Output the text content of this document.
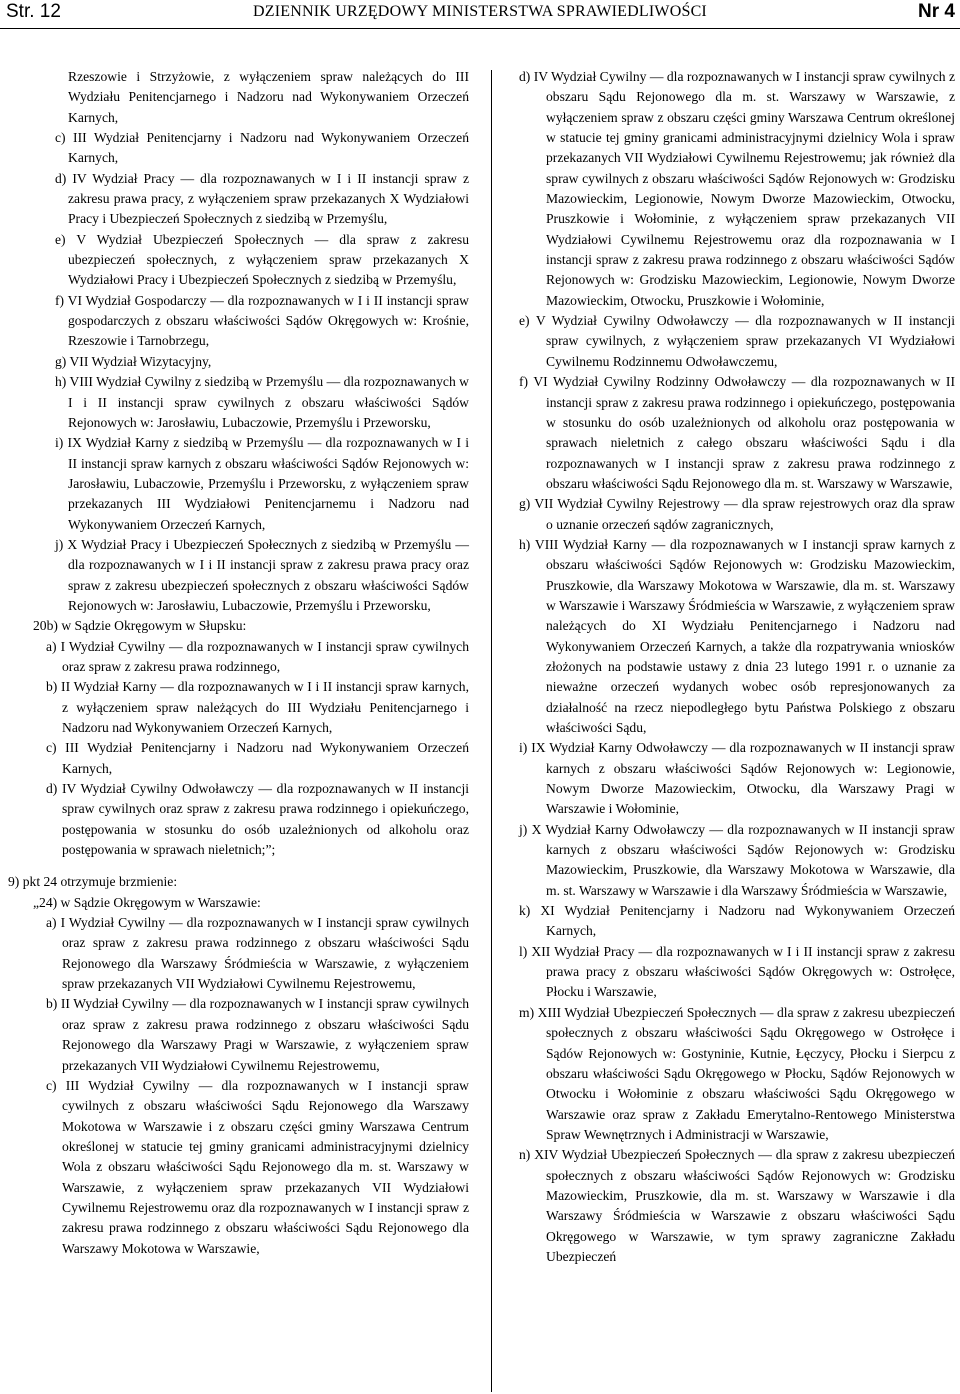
Str. 12	DZIENNIK URZĘDOWY MINISTERSTWA SPRAWIEDLIWOŚCI	Nr 4

Rzeszowie i Strzyżowie, z wyłączeniem spraw należących do III Wydziału Penitencjarnego i Nadzoru nad Wykonywaniem Orzeczeń Karnych,

c) III Wydział Penitencjarny i Nadzoru nad Wykonywaniem Orzeczeń Karnych,

d) IV Wydział Pracy — dla rozpoznawanych w I i II instancji spraw z zakresu prawa pracy, z wyłączeniem spraw przekazanych X Wydziałowi Pracy i Ubezpieczeń Społecznych z siedzibą w Przemyślu,

e) V Wydział Ubezpieczeń Społecznych — dla spraw z zakresu ubezpieczeń społecznych, z wyłączeniem spraw przekazanych X Wydziałowi Pracy i Ubezpieczeń Społecznych z siedzibą w Przemyślu,

f) VI Wydział Gospodarczy — dla rozpoznawanych w I i II instancji spraw gospodarczych z obszaru właściwości Sądów Okręgowych w: Krośnie, Rzeszowie i Tarnobrzegu,

g) VII Wydział Wizytacyjny,

h) VIII Wydział Cywilny z siedzibą w Przemyślu — dla rozpoznawanych w I i II instancji spraw cywilnych z obszaru właściwości Sądów Rejonowych w: Jarosławiu, Lubaczowie, Przemyślu i Przeworsku,

i) IX Wydział Karny z siedzibą w Przemyślu — dla rozpoznawanych w I i II instancji spraw karnych z obszaru właściwości Sądów Rejonowych w: Jarosławiu, Lubaczowie, Przemyślu i Przeworsku, z wyłączeniem spraw przekazanych III Wydziałowi Penitencjarnemu i Nadzoru nad Wykonywaniem Orzeczeń Karnych,

j) X Wydział Pracy i Ubezpieczeń Społecznych z siedzibą w Przemyślu — dla rozpoznawanych w I i II instancji spraw z zakresu prawa pracy oraz spraw z zakresu ubezpieczeń społecznych z obszaru właściwości Sądów Rejonowych w: Jarosławiu, Lubaczowie, Przemyślu i Przeworsku,

20b) w Sądzie Okręgowym w Słupsku:

a) I Wydział Cywilny — dla rozpoznawanych w I instancji spraw cywilnych oraz spraw z zakresu prawa rodzinnego,

b) II Wydział Karny — dla rozpoznawanych w I i II instancji spraw karnych, z wyłączeniem spraw należących do III Wydziału Penitencjarnego i Nadzoru nad Wykonywaniem Orzeczeń Karnych,

c) III Wydział Penitencjarny i Nadzoru nad Wykonywaniem Orzeczeń Karnych,

d) IV Wydział Cywilny Odwoławczy — dla rozpoznawanych w II instancji spraw cywilnych oraz spraw z zakresu prawa rodzinnego i opiekuńczego, postępowania w stosunku do osób uzależnionych od alkoholu oraz postępowania w sprawach nieletnich;”;

9) pkt 24 otrzymuje brzmienie:

„24) w Sądzie Okręgowym w Warszawie:

a) I Wydział Cywilny — dla rozpoznawanych w I instancji spraw cywilnych oraz spraw z zakresu prawa rodzinnego z obszaru właściwości Sądu Rejonowego dla Warszawy Śródmieścia w Warszawie, z wyłączeniem spraw przekazanych VII Wydziałowi Cywilnemu Rejestrowemu,

b) II Wydział Cywilny — dla rozpoznawanych w I instancji spraw cywilnych oraz spraw z zakresu prawa rodzinnego z obszaru właściwości Sądu Rejonowego dla Warszawy Pragi w Warszawie, z wyłączeniem spraw przekazanych VII Wydziałowi Cywilnemu Rejestrowemu,

c) III Wydział Cywilny — dla rozpoznawanych w I instancji spraw cywilnych z obszaru właściwości Sądu Rejonowego dla Warszawy Mokotowa w Warszawie i z obszaru części gminy Warszawa Centrum określonej w statucie tej gminy granicami administracyjnymi dzielnicy Wola z obszaru właściwości Sądu Rejonowego dla m. st. Warszawy w Warszawie, z wyłączeniem spraw przekazanych VII Wydziałowi Cywilnemu Rejestrowemu oraz dla rozpoznawanych w I instancji spraw z zakresu prawa rodzinnego z obszaru właściwości Sądu Rejonowego dla Warszawy Mokotowa w Warszawie,

d) IV Wydział Cywilny — dla rozpoznawanych w I instancji spraw cywilnych z obszaru Sądu Rejonowego dla m. st. Warszawy w Warszawie, z wyłączeniem spraw z obszaru części gminy Warszawa Centrum określonej w statucie tej gminy granicami administracyjnymi dzielnicy Wola i spraw przekazanych VII Wydziałowi Cywilnemu Rejestrowemu; jak również dla spraw cywilnych z obszaru właściwości Sądów Rejonowych w: Grodzisku Mazowieckim, Legionowie, Nowym Dworze Mazowieckim, Otwocku, Pruszkowie i Wołominie, z wyłączeniem spraw przekazanych VII Wydziałowi Cywilnemu Rejestrowemu oraz dla rozpoznawania w I instancji spraw z zakresu prawa rodzinnego z obszaru właściwości Sądów Rejonowych w: Grodzisku Mazowieckim, Legionowie, Nowym Dworze Mazowieckim, Otwocku, Pruszkowie i Wołominie,

e) V Wydział Cywilny Odwoławczy — dla rozpoznawanych w II instancji spraw cywilnych, z wyłączeniem spraw przekazanych VI Wydziałowi Cywilnemu Rodzinnemu Odwoławczemu,

f) VI Wydział Cywilny Rodzinny Odwoławczy — dla rozpoznawanych w II instancji spraw z zakresu prawa rodzinnego i opiekuńczego, postępowania w stosunku do osób uzależnionych od alkoholu oraz postępowania w sprawach nieletnich z całego obszaru właściwości Sądu i dla rozpoznawanych w I instancji spraw z zakresu prawa rodzinnego z obszaru właściwości Sądu Rejonowego dla m. st. Warszawy w Warszawie,

g) VII Wydział Cywilny Rejestrowy — dla spraw rejestrowych oraz dla spraw o uznanie orzeczeń sądów zagranicznych,

h) VIII Wydział Karny — dla rozpoznawanych w I instancji spraw karnych z obszaru właściwości Sądów Rejonowych w: Grodzisku Mazowieckim, Pruszkowie, dla Warszawy Mokotowa w Warszawie, dla m. st. Warszawy w Warszawie i Warszawy Śródmieścia w Warszawie, z wyłączeniem spraw należących do XI Wydziału Penitencjarnego i Nadzoru nad Wykonywaniem Orzeczeń Karnych, a także dla rozpatrywania wniosków złożonych na podstawie ustawy z dnia 23 lutego 1991 r. o uznanie za nieważne orzeczeń wydanych wobec osób represjonowanych za działalność na rzecz niepodległego bytu Państwa Polskiego z obszaru właściwości Sądu,

i) IX Wydział Karny Odwoławczy — dla rozpoznawanych w II instancji spraw karnych z obszaru właściwości Sądów Rejonowych w: Legionowie, Nowym Dworze Mazowieckim, Otwocku, dla Warszawy Pragi w Warszawie i Wołominie,

j) X Wydział Karny Odwoławczy — dla rozpoznawanych w II instancji spraw karnych z obszaru właściwości Sądów Rejonowych w: Grodzisku Mazowieckim, Pruszkowie, dla Warszawy Mokotowa w Warszawie, dla m. st. Warszawy w Warszawie i dla Warszawy Śródmieścia w Warszawie,

k) XI Wydział Penitencjarny i Nadzoru nad Wykonywaniem Orzeczeń Karnych,

l) XII Wydział Pracy — dla rozpoznawanych w I i II instancji spraw z zakresu prawa pracy z obszaru właściwości Sądów Okręgowych w: Ostrołęce, Płocku i Warszawie,

m) XIII Wydział Ubezpieczeń Społecznych — dla spraw z zakresu ubezpieczeń społecznych z obszaru właściwości Sądu Okręgowego w Ostrołęce i Sądów Rejonowych w: Gostyninie, Kutnie, Łęczycy, Płocku i Sierpcu z obszaru właściwości Sądu Okręgowego w Płocku, Sądów Rejonowych w Otwocku i Wołominie z obszaru właściwości Sądu Okręgowego w Warszawie oraz spraw z Zakładu Emerytalno-Rentowego Ministerstwa Spraw Wewnętrznych i Administracji w Warszawie,

n) XIV Wydział Ubezpieczeń Społecznych — dla spraw z zakresu ubezpieczeń społecznych z obszaru właściwości Sądów Rejonowych w: Grodzisku Mazowieckim, Pruszkowie, dla m. st. Warszawy w Warszawie i dla Warszawy Śródmieścia w Warszawie z obszaru właściwości Sądu Okręgowego w Warszawie, w tym sprawy zagraniczne Zakładu Ubezpieczeń
